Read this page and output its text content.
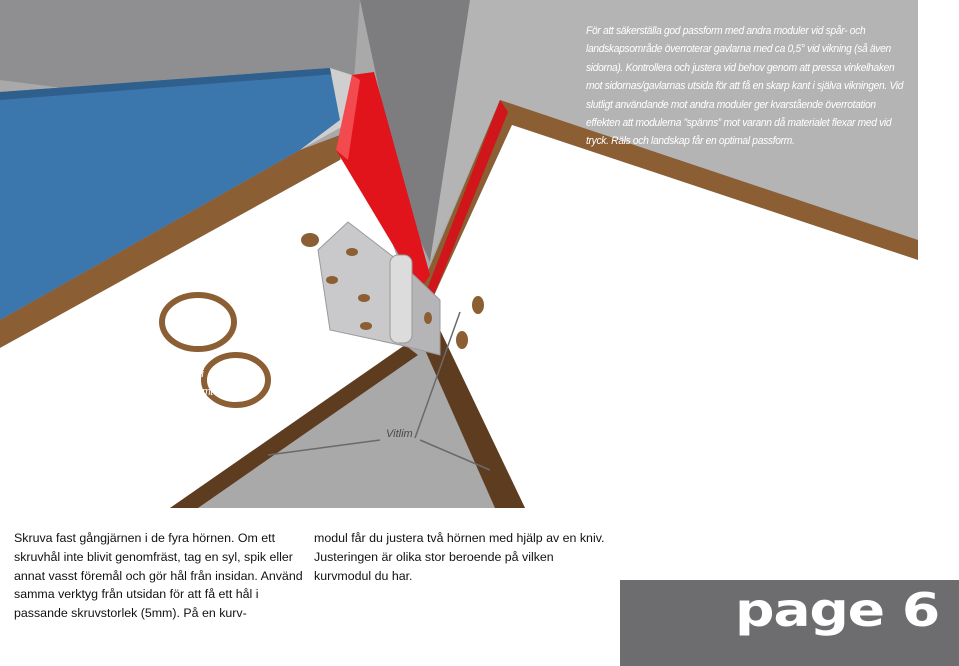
För att säkerställa god passform med andra moduler vid spår- och landskapsområde överroterar gavlarna med ca 0,5° vid vikning (så även sidorna). Kontrollera och justera vid behov genom att pressa vinkelhaken mot sidornas/gavlarnas utsida för att få en skarp kant i själva vikningen. Vid slutligt användande mot andra moduler ger kvarstående överrotation effekten att modulerna ”spänns” mot varann då materialet flexar med vid tryck. Räls och landskap får en optimal passform.
Rekommenderas: Applicera en sträng vitlim i ”V-skärningens botten” innan ihopvikning, samt mellan modul och vinkelbeslag, och i skarvarna mellan modulens alla sidor/gavlar efter ihopvikning. Gör gärna rent vinkelbeslagen med t-sprit eller liknande innan applicering.
Vitlim
Skruva fast gångjärnen i de fyra hörnen. Om ett skruvhål inte blivit genomfräst, tag en syl, spik eller annat vasst föremål och gör hål från insidan. Använd samma verktyg från utsidan för att få ett hål i passande skruvstorlek (5mm). På en kurv-
modul får du justera två hörnen med hjälp av en kniv. Justeringen är olika stor beroende på vilken kurvmodul du har.
page 6
